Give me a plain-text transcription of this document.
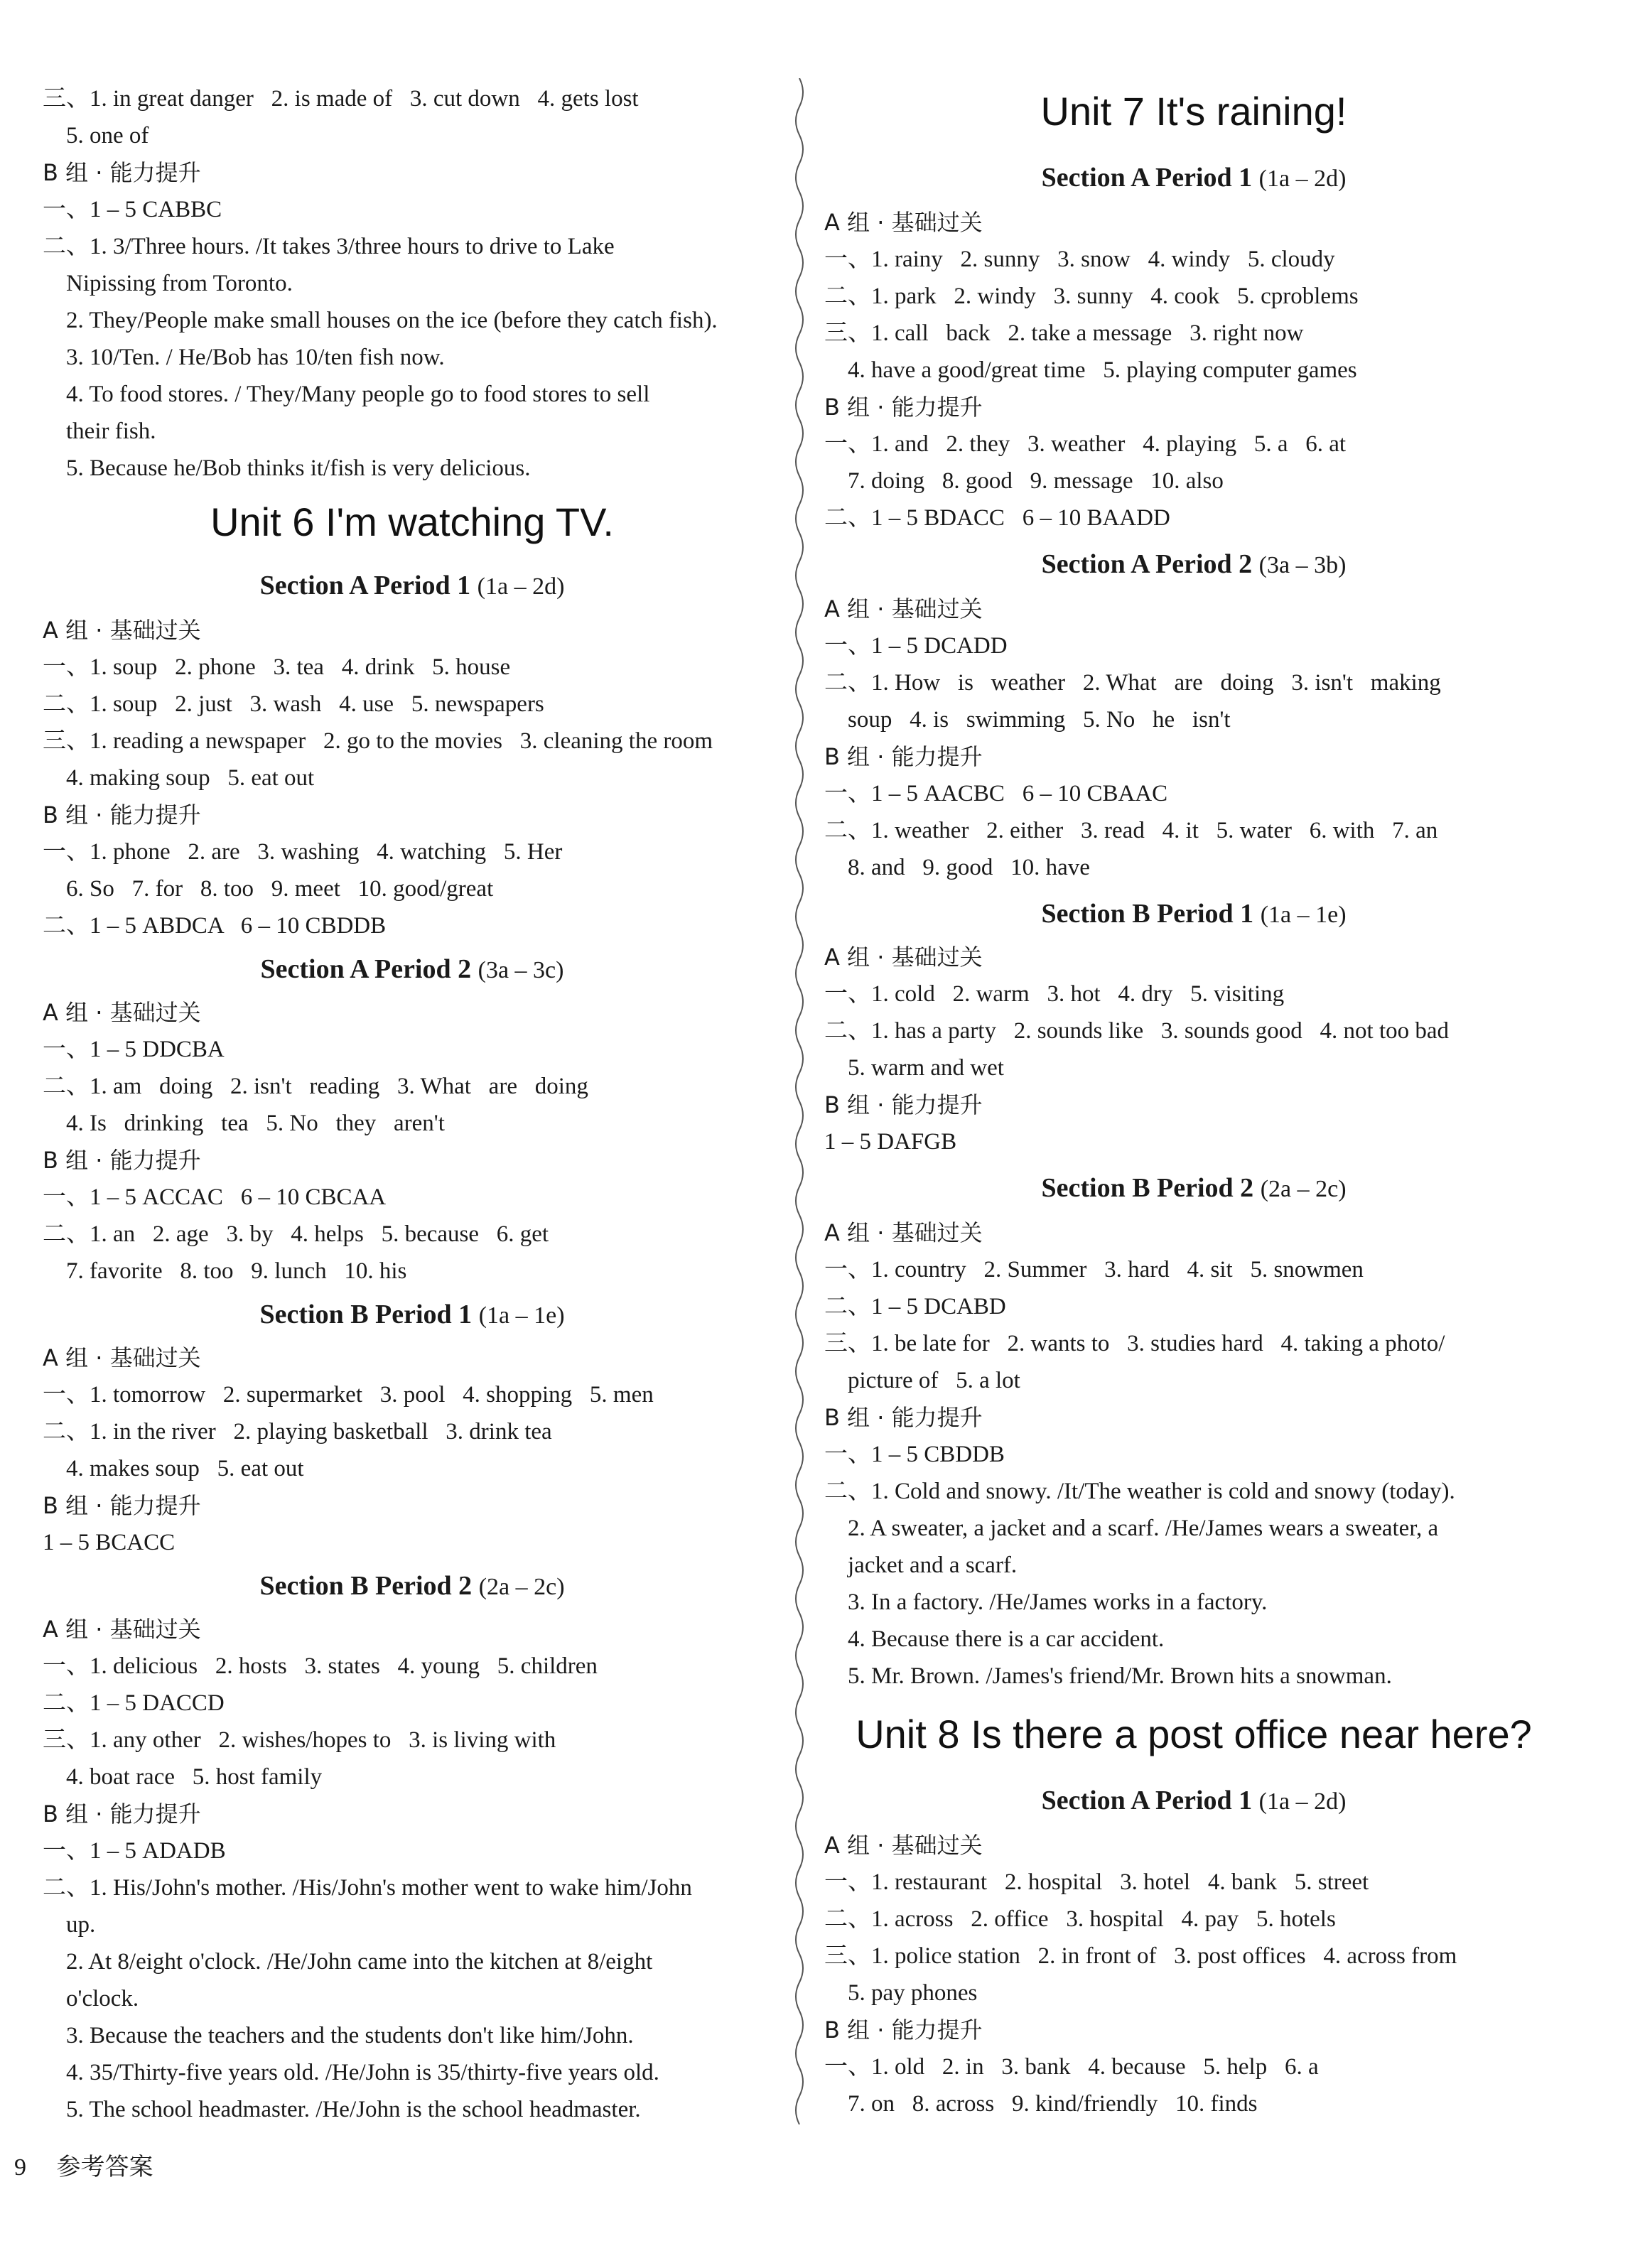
三、1. in great danger   2. is made of   3. cut down   4. gets lost
5. one of
B 组 · 能力提升
一、1 – 5 CABBC
二、1. 3/Three hours. /It takes 3/three hours to drive to Lake
Nipissing from Toronto.
2. They/People make small houses on the ice (before they catch fish).
3. 10/Ten. / He/Bob has 10/ten fish now.
4. To food stores. / They/Many people go to food stores to sell
their fish.
5. Because he/Bob thinks it/fish is very delicious.
Unit 6 I'm watching TV.
Section A Period 1 (1a – 2d)
A 组 · 基础过关
一、1. soup   2. phone   3. tea   4. drink   5. house
二、1. soup   2. just   3. wash   4. use   5. newspapers
三、1. reading a newspaper   2. go to the movies   3. cleaning the room
4. making soup   5. eat out
B 组 · 能力提升
一、1. phone   2. are   3. washing   4. watching   5. Her
6. So   7. for   8. too   9. meet   10. good/great
二、1 – 5 ABDCA   6 – 10 CBDDB
Section A Period 2 (3a – 3c)
A 组 · 基础过关
一、1 – 5 DDCBA
二、1. am   doing   2. isn't   reading   3. What   are   doing
4. Is   drinking   tea   5. No   they   aren't
B 组 · 能力提升
一、1 – 5 ACCAC   6 – 10 CBCAA
二、1. an   2. age   3. by   4. helps   5. because   6. get
7. favorite   8. too   9. lunch   10. his
Section B Period 1 (1a – 1e)
A 组 · 基础过关
一、1. tomorrow   2. supermarket   3. pool   4. shopping   5. men
二、1. in the river   2. playing basketball   3. drink tea
4. makes soup   5. eat out
B 组 · 能力提升
1 – 5 BCACC
Section B Period 2 (2a – 2c)
A 组 · 基础过关
一、1. delicious   2. hosts   3. states   4. young   5. children
二、1 – 5 DACCD
三、1. any other   2. wishes/hopes to   3. is living with
4. boat race   5. host family
B 组 · 能力提升
一、1 – 5 ADADB
二、1. His/John's mother. /His/John's mother went to wake him/John
up.
2. At 8/eight o'clock. /He/John came into the kitchen at 8/eight
o'clock.
3. Because the teachers and the students don't like him/John.
4. 35/Thirty-five years old. /He/John is 35/thirty-five years old.
5. The school headmaster. /He/John is the school headmaster.
Unit 7 It's raining!
Section A Period 1 (1a – 2d)
A 组 · 基础过关
一、1. rainy   2. sunny   3. snow   4. windy   5. cloudy
二、1. park   2. windy   3. sunny   4. cook   5. cproblems
三、1. call   back   2. take a message   3. right now
4. have a good/great time   5. playing computer games
B 组 · 能力提升
一、1. and   2. they   3. weather   4. playing   5. a   6. at
7. doing   8. good   9. message   10. also
二、1 – 5 BDACC   6 – 10 BAADD
Section A Period 2 (3a – 3b)
A 组 · 基础过关
一、1 – 5 DCADD
二、1. How   is   weather   2. What   are   doing   3. isn't   making
soup   4. is   swimming   5. No   he   isn't
B 组 · 能力提升
一、1 – 5 AACBC   6 – 10 CBAAC
二、1. weather   2. either   3. read   4. it   5. water   6. with   7. an
8. and   9. good   10. have
Section B Period 1 (1a – 1e)
A 组 · 基础过关
一、1. cold   2. warm   3. hot   4. dry   5. visiting
二、1. has a party   2. sounds like   3. sounds good   4. not too bad
5. warm and wet
B 组 · 能力提升
1 – 5 DAFGB
Section B Period 2 (2a – 2c)
A 组 · 基础过关
一、1. country   2. Summer   3. hard   4. sit   5. snowmen
二、1 – 5 DCABD
三、1. be late for   2. wants to   3. studies hard   4. taking a photo/
picture of   5. a lot
B 组 · 能力提升
一、1 – 5 CBDDB
二、1. Cold and snowy. /It/The weather is cold and snowy (today).
2. A sweater, a jacket and a scarf. /He/James wears a sweater, a
jacket and a scarf.
3. In a factory. /He/James works in a factory.
4. Because there is a car accident.
5. Mr. Brown. /James's friend/Mr. Brown hits a snowman.
Unit 8 Is there a post office near here?
Section A Period 1 (1a – 2d)
A 组 · 基础过关
一、1. restaurant   2. hospital   3. hotel   4. bank   5. street
二、1. across   2. office   3. hospital   4. pay   5. hotels
三、1. police station   2. in front of   3. post offices   4. across from
5. pay phones
B 组 · 能力提升
一、1. old   2. in   3. bank   4. because   5. help   6. a
7. on   8. across   9. kind/friendly   10. finds
9 参考答案
